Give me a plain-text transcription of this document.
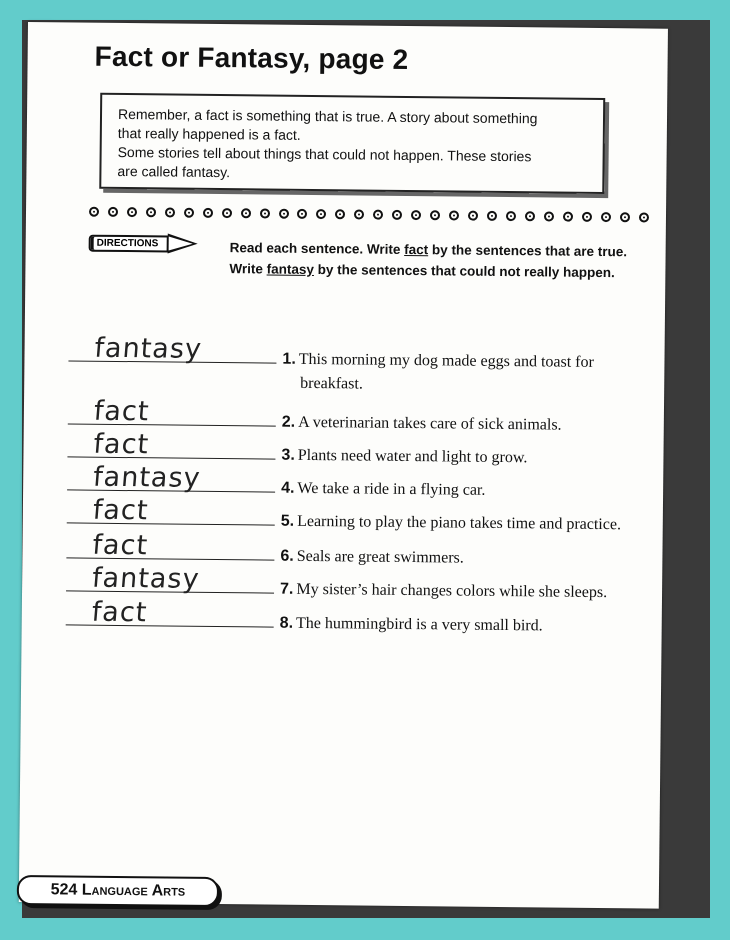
Fact or Fantasy, page 2

Remember, a fact is something that is true. A story about something

that really happened is a fact.

Some stories tell about things that could not happen. These stories

are called fantasy.

DIRECTIONS	Read each sentence. Write fact by the sentences that are true. Write fantasy by the sentences that could not really happen.
fantasy	1. This morning my dog made eggs and toast for
breakfast.
fact	2. A veterinarian takes care of sick animals.
fact	3. Plants need water and light to grow.
fantasy	4. We take a ride in a flying car.
fact	5. Learning to play the piano takes time and practice.
fact	6. Seals are great swimmers.
fantasy	7. My sister’s hair changes colors while she sleeps.
fact	8. The hummingbird is a very small bird.
524 Language Arts
